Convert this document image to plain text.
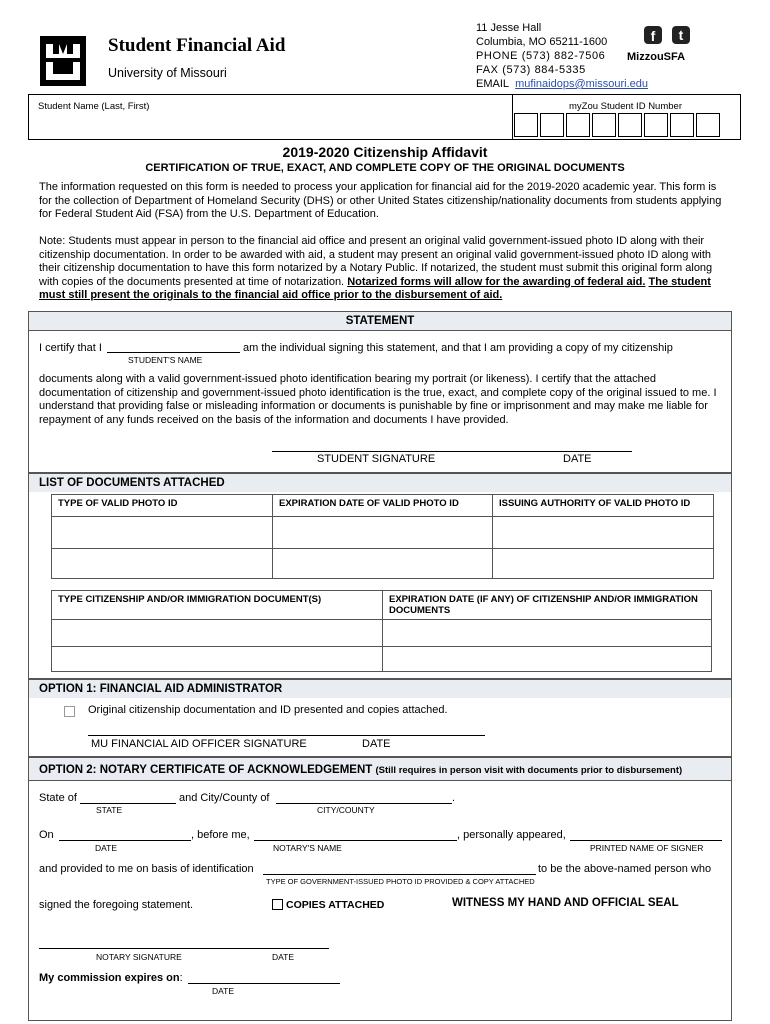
Student Financial Aid
University of Missouri
11 Jesse Hall
Columbia, MO 65211-1600
PHONE (573) 882-7506
FAX (573) 884-5335
EMAIL mufinaidops@missouri.edu
f	t
MizzouSFA
Student Name (Last, First)	myZou Student ID Number
2019-2020 Citizenship Affidavit
CERTIFICATION OF TRUE, EXACT, AND COMPLETE COPY OF THE ORIGINAL DOCUMENTS
The information requested on this form is needed to process your application for financial aid for the 2019-2020 academic year. This form is for the collection of Department of Homeland Security (DHS) or other United States citizenship/nationality documents from students applying for Federal Student Aid (FSA) from the U.S. Department of Education.
Note: Students must appear in person to the financial aid office and present an original valid government-issued photo ID along with their citizenship documentation. In order to be awarded with aid, a student may present an original valid government-issued photo ID along with their citizenship documentation to have this form notarized by a Notary Public. If notarized, the student must submit this original form along with copies of the documents presented at time of notarization. Notarized forms will allow for the awarding of federal aid. The student must still present the originals to the financial aid office prior to the disbursement of aid.
STATEMENT
I certify that I	am the individual signing this statement, and that I am providing a copy of my citizenship
STUDENT'S NAME
documents along with a valid government-issued photo identification bearing my portrait (or likeness). I certify that the attached documentation of citizenship and government-issued photo identification is the true, exact, and complete copy of the original issued to me. I understand that providing false or misleading information or documents is punishable by fine or imprisonment and may make me liable for repayment of any funds received on the basis of the information and documents I have provided.
STUDENT SIGNATURE	DATE
LIST OF DOCUMENTS ATTACHED
TYPE OF VALID PHOTO ID	EXPIRATION DATE OF VALID PHOTO ID	ISSUING AUTHORITY OF VALID PHOTO ID

TYPE CITIZENSHIP AND/OR IMMIGRATION DOCUMENT(S)	EXPIRATION DATE (IF ANY) OF CITIZENSHIP AND/OR IMMIGRATION DOCUMENTS

OPTION 1: FINANCIAL AID ADMINISTRATOR
Original citizenship documentation and ID presented and copies attached.
MU FINANCIAL AID OFFICER SIGNATURE	DATE
OPTION 2: NOTARY CERTIFICATE OF ACKNOWLEDGEMENT (Still requires in person visit with documents prior to disbursement)
State of	and City/County of	.
STATE	CITY/COUNTY
On	, before me,	, personally appeared,
DATE	NOTARY'S NAME	PRINTED NAME OF SIGNER
and provided to me on basis of identification	to be the above-named person who
TYPE OF GOVERNMENT-ISSUED PHOTO ID PROVIDED & COPY ATTACHED
signed the foregoing statement.	COPIES ATTACHED	WITNESS MY HAND AND OFFICIAL SEAL
NOTARY SIGNATURE	DATE
My commission expires on:
DATE
